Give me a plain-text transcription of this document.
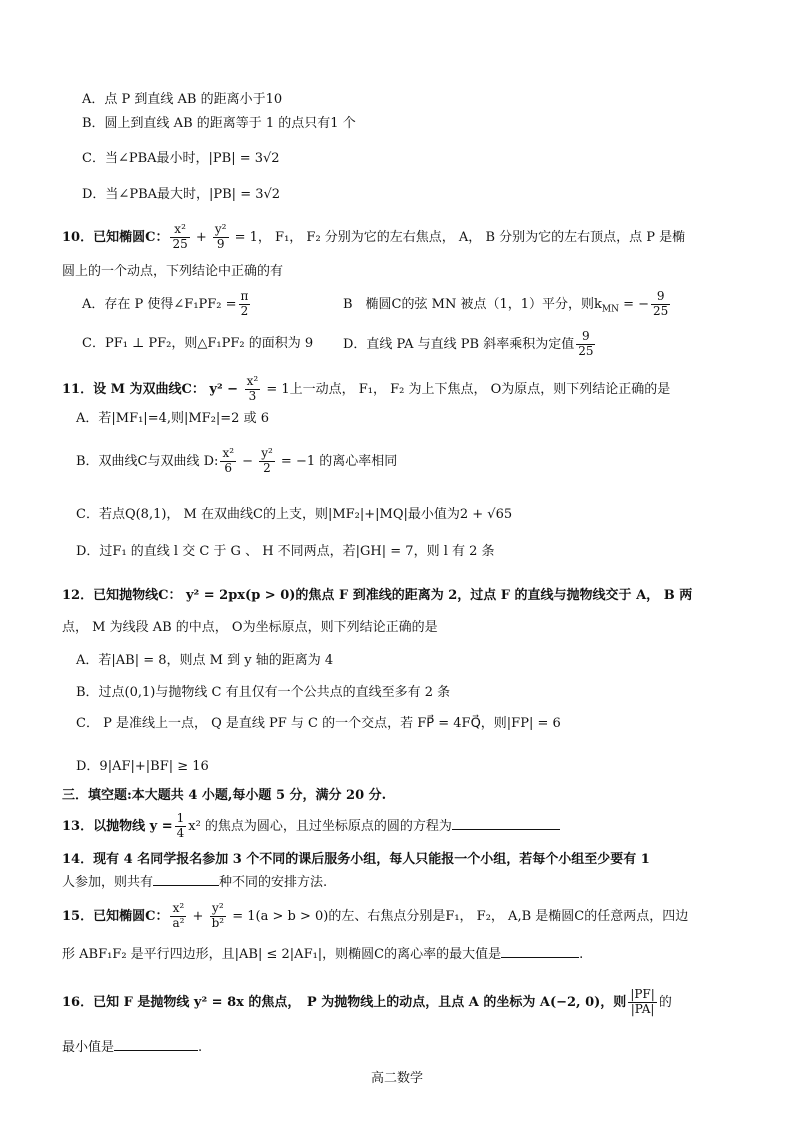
A．点 P 到直线 AB 的距离小于10
B．圆上到直线 AB 的距离等于 1 的点只有1 个
C．当∠PBA最小时，|PB| = 3√2
D．当∠PBA最大时，|PB| = 3√2
10．已知椭圆C： $\frac{\text{x²}}{25} + \frac{\text{y²}}{9} = 1$， F₁， F₂ 分别为它的左右焦点， A， B 分别为它的左右顶点，点 P 是椭
圆上的一个动点，下列结论中正确的有
A．存在 P 使得∠F₁PF₂ = $\frac{\pi}{2}$	B　椭圆C的弦 MN 被点（1，1）平分，则$k_{MN}$ = − $\frac{9}{25}$
C．PF₁ ⊥ PF₂，则△F₁PF₂ 的面积为 9 D．直线 PA 与直线 PB 斜率乘积为定值 $\frac{9}{25}$
11．设 M 为双曲线C： $y^2 - \frac{\text{x²}}{3} = 1$上一动点， F₁， F₂ 为上下焦点， O为原点，则下列结论正确的是
A．若|MF₁|=4,则|MF₂|=2 或 6
B．双曲线C与双曲线 D: $\frac{\text{x²}}{6} - \frac{\text{y²}}{2} = -1$ 的离心率相同
C．若点Q(8,1)， M 在双曲线C的上支，则|MF₂|+|MQ|最小值为2 + √65
D．过F₁ 的直线 l 交 C 于 G 、 H 不同两点，若|GH| = 7，则 l 有 2 条
12．已知抛物线C： y² = 2px(p > 0)的焦点 F 到准线的距离为 2，过点 F 的直线与抛物线交于 A， B 两
点， M 为线段 AB 的中点， O为坐标原点，则下列结论正确的是
A．若|AB| = 8，则点 M 到 y 轴的距离为 4
B．过点(0,1)与抛物线 C 有且仅有一个公共点的直线至多有 2 条
C． P 是准线上一点， Q 是直线 PF 与 C 的一个交点，若 FP⃗ = 4FQ⃗，则|FP| = 6
D．9|AF|+|BF| ≥ 16
三．填空题:本大题共 4 小题,每小题 5 分，满分 20 分.
13．以抛物线 $y = \frac{1}{4} x^2$ 的焦点为圆心，且过坐标原点的圆的方程为
14．现有 4 名同学报名参加 3 个不同的课后服务小组，每人只能报一个小组，若每个小组至少要有 1
人参加，则共有	种不同的安排方法.
15．已知椭圆C： $\frac{\text{x²}}{\text{a²}} + \frac{\text{y²}}{\text{b²}} = 1(a > b > 0)$的左、右焦点分别是F₁， F₂， A,B 是椭圆C的任意两点，四边
形 ABF₁F₂ 是平行四边形，且|AB| ≤ 2|AF₁|，则椭圆C的离心率的最大值是	.
16．已知 F 是抛物线 y² = 8x 的焦点，　P 为抛物线上的动点，且点 A 的坐标为 A(−2, 0)，则 $\frac{|PF|}{|PA|}$ 的
最小值是	.
高二数学
